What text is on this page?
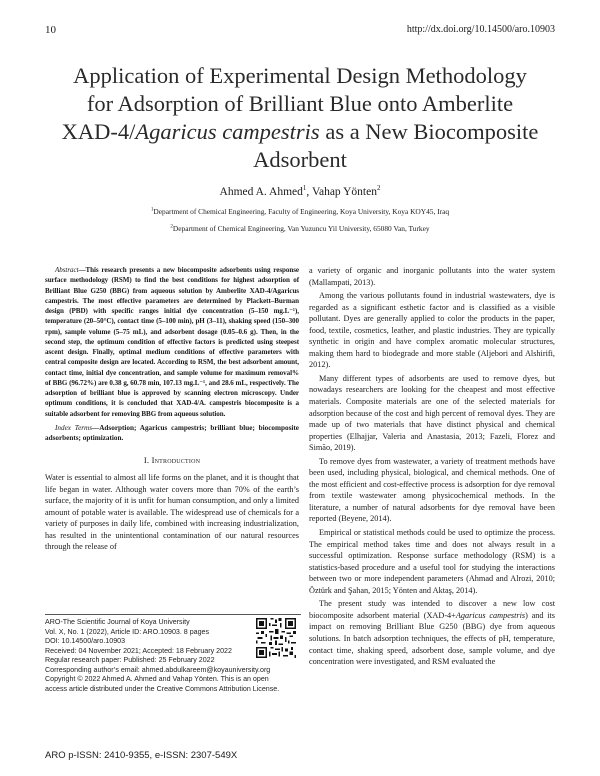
10	http://dx.doi.org/10.14500/aro.10903
Application of Experimental Design Methodology
for Adsorption of Brilliant Blue onto Amberlite
XAD-4/Agaricus campestris as a New Biocomposite
Adsorbent
Ahmed A. Ahmed$^1$, Vahap Yönten$^2$
$^1$Department of Chemical Engineering, Faculty of Engineering, Koya University, Koya KOY45, Iraq
$^2$Department of Chemical Engineering, Van Yuzuncu Yil University, 65080 Van, Turkey

Abstract—This research presents a new biocomposite adsorbents using response surface methodology (RSM) to find the best conditions for highest adsorption of Brilliant Blue G250 (BBG) from aqueous solution by Amberlite XAD-4/Agaricus campestris. The most effective parameters are determined by Plackett–Burman design (PBD) with specific ranges initial dye concentration (5–150 mg.L⁻¹), temperature (20–50°C), contact time (5–100 min), pH (3–11), shaking speed (150–300 rpm), sample volume (5–75 mL), and adsorbent dosage (0.05–0.6 g). Then, in the second step, the optimum condition of effective factors is predicted using steepest ascent design. Finally, optimal medium conditions of effective parameters with central composite design are located. According to RSM, the best adsorbent amount, contact time, initial dye concentration, and sample volume for maximum removal% of BBG (96.72%) are 0.38 g, 60.78 min, 107.13 mg.L⁻¹, and 28.6 mL, respectively. The adsorption of brilliant blue is approved by scanning electron microscopy. Under optimum conditions, it is concluded that XAD-4/A. campestris biocomposite is a suitable adsorbent for removing BBG from aqueous solution.

Index Terms—Adsorption; Agaricus campestris; brilliant blue; biocomposite adsorbents; optimization.

I. Introduction

Water is essential to almost all life forms on the planet, and it is thought that life began in water. Although water covers more than 70% of the earth’s surface, the majority of it is unfit for human consumption, and only a limited amount of potable water is available. The widespread use of chemicals for a variety of purposes in daily life, combined with increasing industrialization, has resulted in the unintentional contamination of our natural resources through the release of

a variety of organic and inorganic pollutants into the water system (Mallampati, 2013).

Among the various pollutants found in industrial wastewaters, dye is regarded as a significant esthetic factor and is classified as a visible pollutant. Dyes are generally applied to color the products in the paper, food, textile, cosmetics, leather, and plastic industries. They are typically synthetic in origin and have complex aromatic molecular structures, making them hard to biodegrade and more stable (Aljebori and Alshirifi, 2012).

Many different types of adsorbents are used to remove dyes, but nowadays researchers are looking for the cheapest and most effective materials. Composite materials are one of the selected materials for adsorption because of the cost and high percent of removal dyes. They are made up of two materials that have distinct physical and chemical properties (Elhajjar, Valeria and Anastasia, 2013; Fazeli, Florez and Simão, 2019).

To remove dyes from wastewater, a variety of treatment methods have been used, including physical, biological, and chemical methods. One of the most efficient and cost-effective process is adsorption for dye removal from textile wastewater among physicochemical methods. In the literature, a number of natural adsorbents for dye removal have been reported (Beyene, 2014).

Empirical or statistical methods could be used to optimize the process. The empirical method takes time and does not always result in a successful optimization. Response surface methodology (RSM) is a statistics-based procedure and a useful tool for studying the interactions between two or more independent parameters (Ahmad and Alrozi, 2010; Öztürk and Şahan, 2015; Yönten and Aktaş, 2014).

The present study was intended to discover a new low cost biocomposite adsorbent material (XAD-4+Agaricus campestris) and its impact on removing Brilliant Blue G250 (BBG) dye from aqueous solutions. In batch adsorption techniques, the effects of pH, temperature, contact time, shaking speed, adsorbent dose, sample volume, and dye concentration were investigated, and RSM evaluated the

ARO-The Scientific Journal of Koya University
Vol. X, No. 1 (2022), Article ID: ARO.10903. 8 pages
DOI: 10.14500/aro.10903
Received: 04 November 2021; Accepted: 18 February 2022
Regular research paper: Published: 25 February 2022
Corresponding author’s email: ahmed.abdulkareem@koyauniversity.org
Copyright © 2022 Ahmed A. Ahmed and Vahap Yönten. This is an open
access article distributed under the Creative Commons Attribution License.
ARO p-ISSN: 2410-9355, e-ISSN: 2307-549X
